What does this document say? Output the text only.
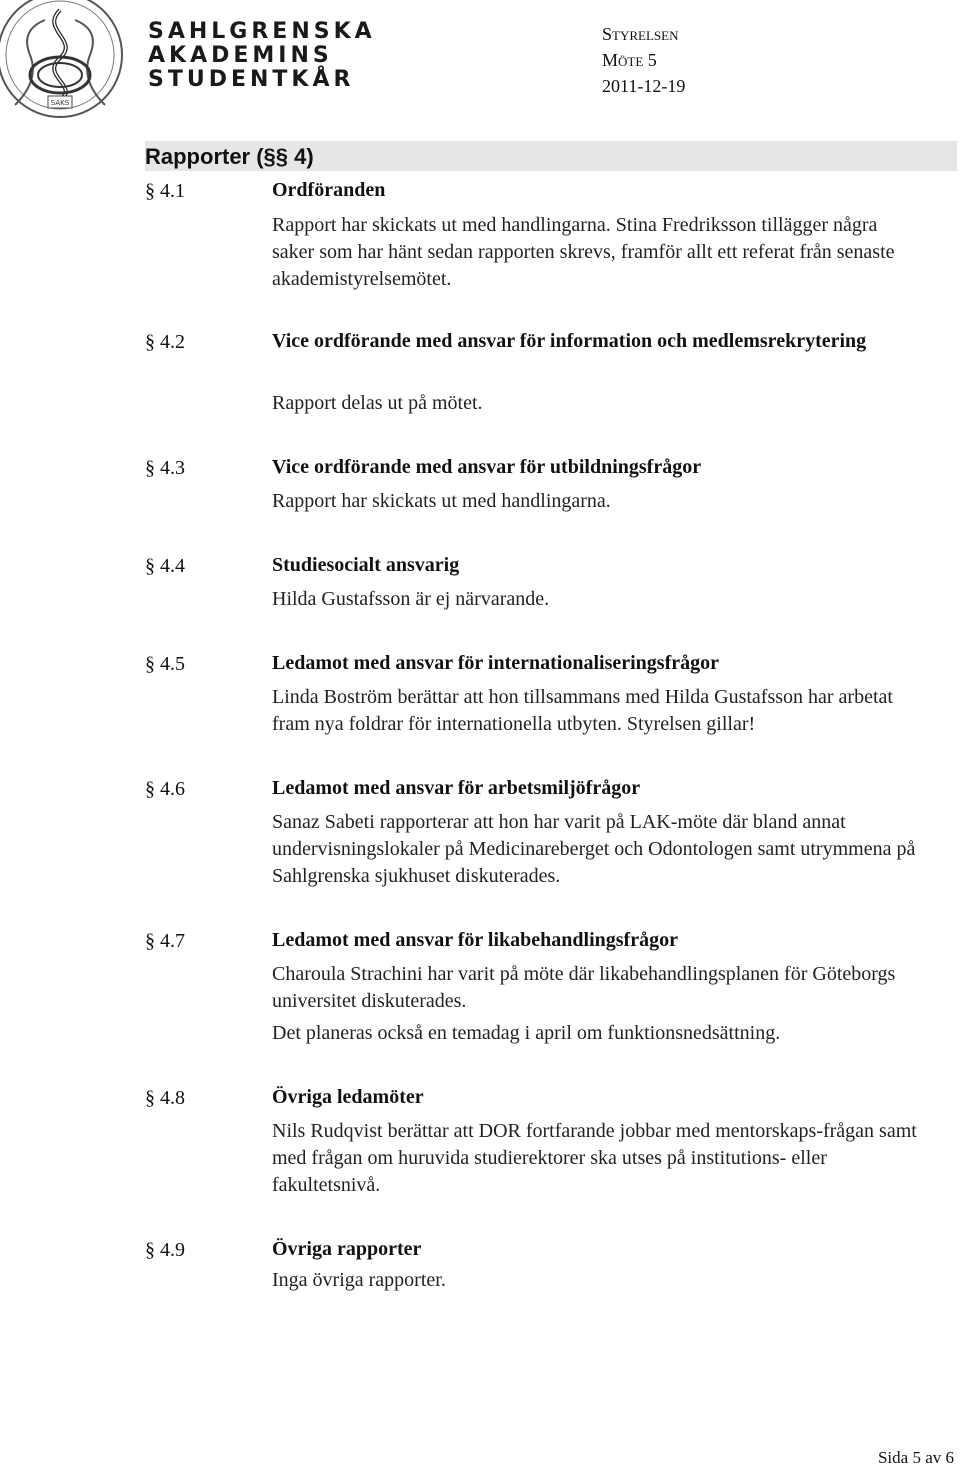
SAKS
SAHLGRENSKA
AKADEMINS
STUDENTKÅR
Styrelsen
Möte 5
2011-12-19
Rapporter (§§ 4)
§ 4.1	Ordföranden
Rapport har skickats ut med handlingarna. Stina Fredriksson tillägger några saker som har hänt sedan rapporten skrevs, framför allt ett referat från senaste akademistyrelsemötet.
§ 4.2	Vice ordförande med ansvar för information och medlemsrekrytering
Rapport delas ut på mötet.
§ 4.3	Vice ordförande med ansvar för utbildningsfrågor
Rapport har skickats ut med handlingarna.
§ 4.4	Studiesocialt ansvarig
Hilda Gustafsson är ej närvarande.
§ 4.5	Ledamot med ansvar för internationaliseringsfrågor
Linda Boström berättar att hon tillsammans med Hilda Gustafsson har arbetat fram nya foldrar för internationella utbyten. Styrelsen gillar!
§ 4.6	Ledamot med ansvar för arbetsmiljöfrågor
Sanaz Sabeti rapporterar att hon har varit på LAK-möte där bland annat undervisningslokaler på Medicinareberget och Odontologen samt utrymmena på Sahlgrenska sjukhuset diskuterades.
§ 4.7	Ledamot med ansvar för likabehandlingsfrågor
Charoula Strachini har varit på möte där likabehandlingsplanen för Göteborgs universitet diskuterades.
Det planeras också en temadag i april om funktionsnedsättning.
§ 4.8	Övriga ledamöter
Nils Rudqvist berättar att DOR fortfarande jobbar med mentorskaps-frågan samt med frågan om huruvida studierektorer ska utses på institutions- eller fakultetsnivå.
§ 4.9	Övriga rapporter
Inga övriga rapporter.
Sida 5 av 6
